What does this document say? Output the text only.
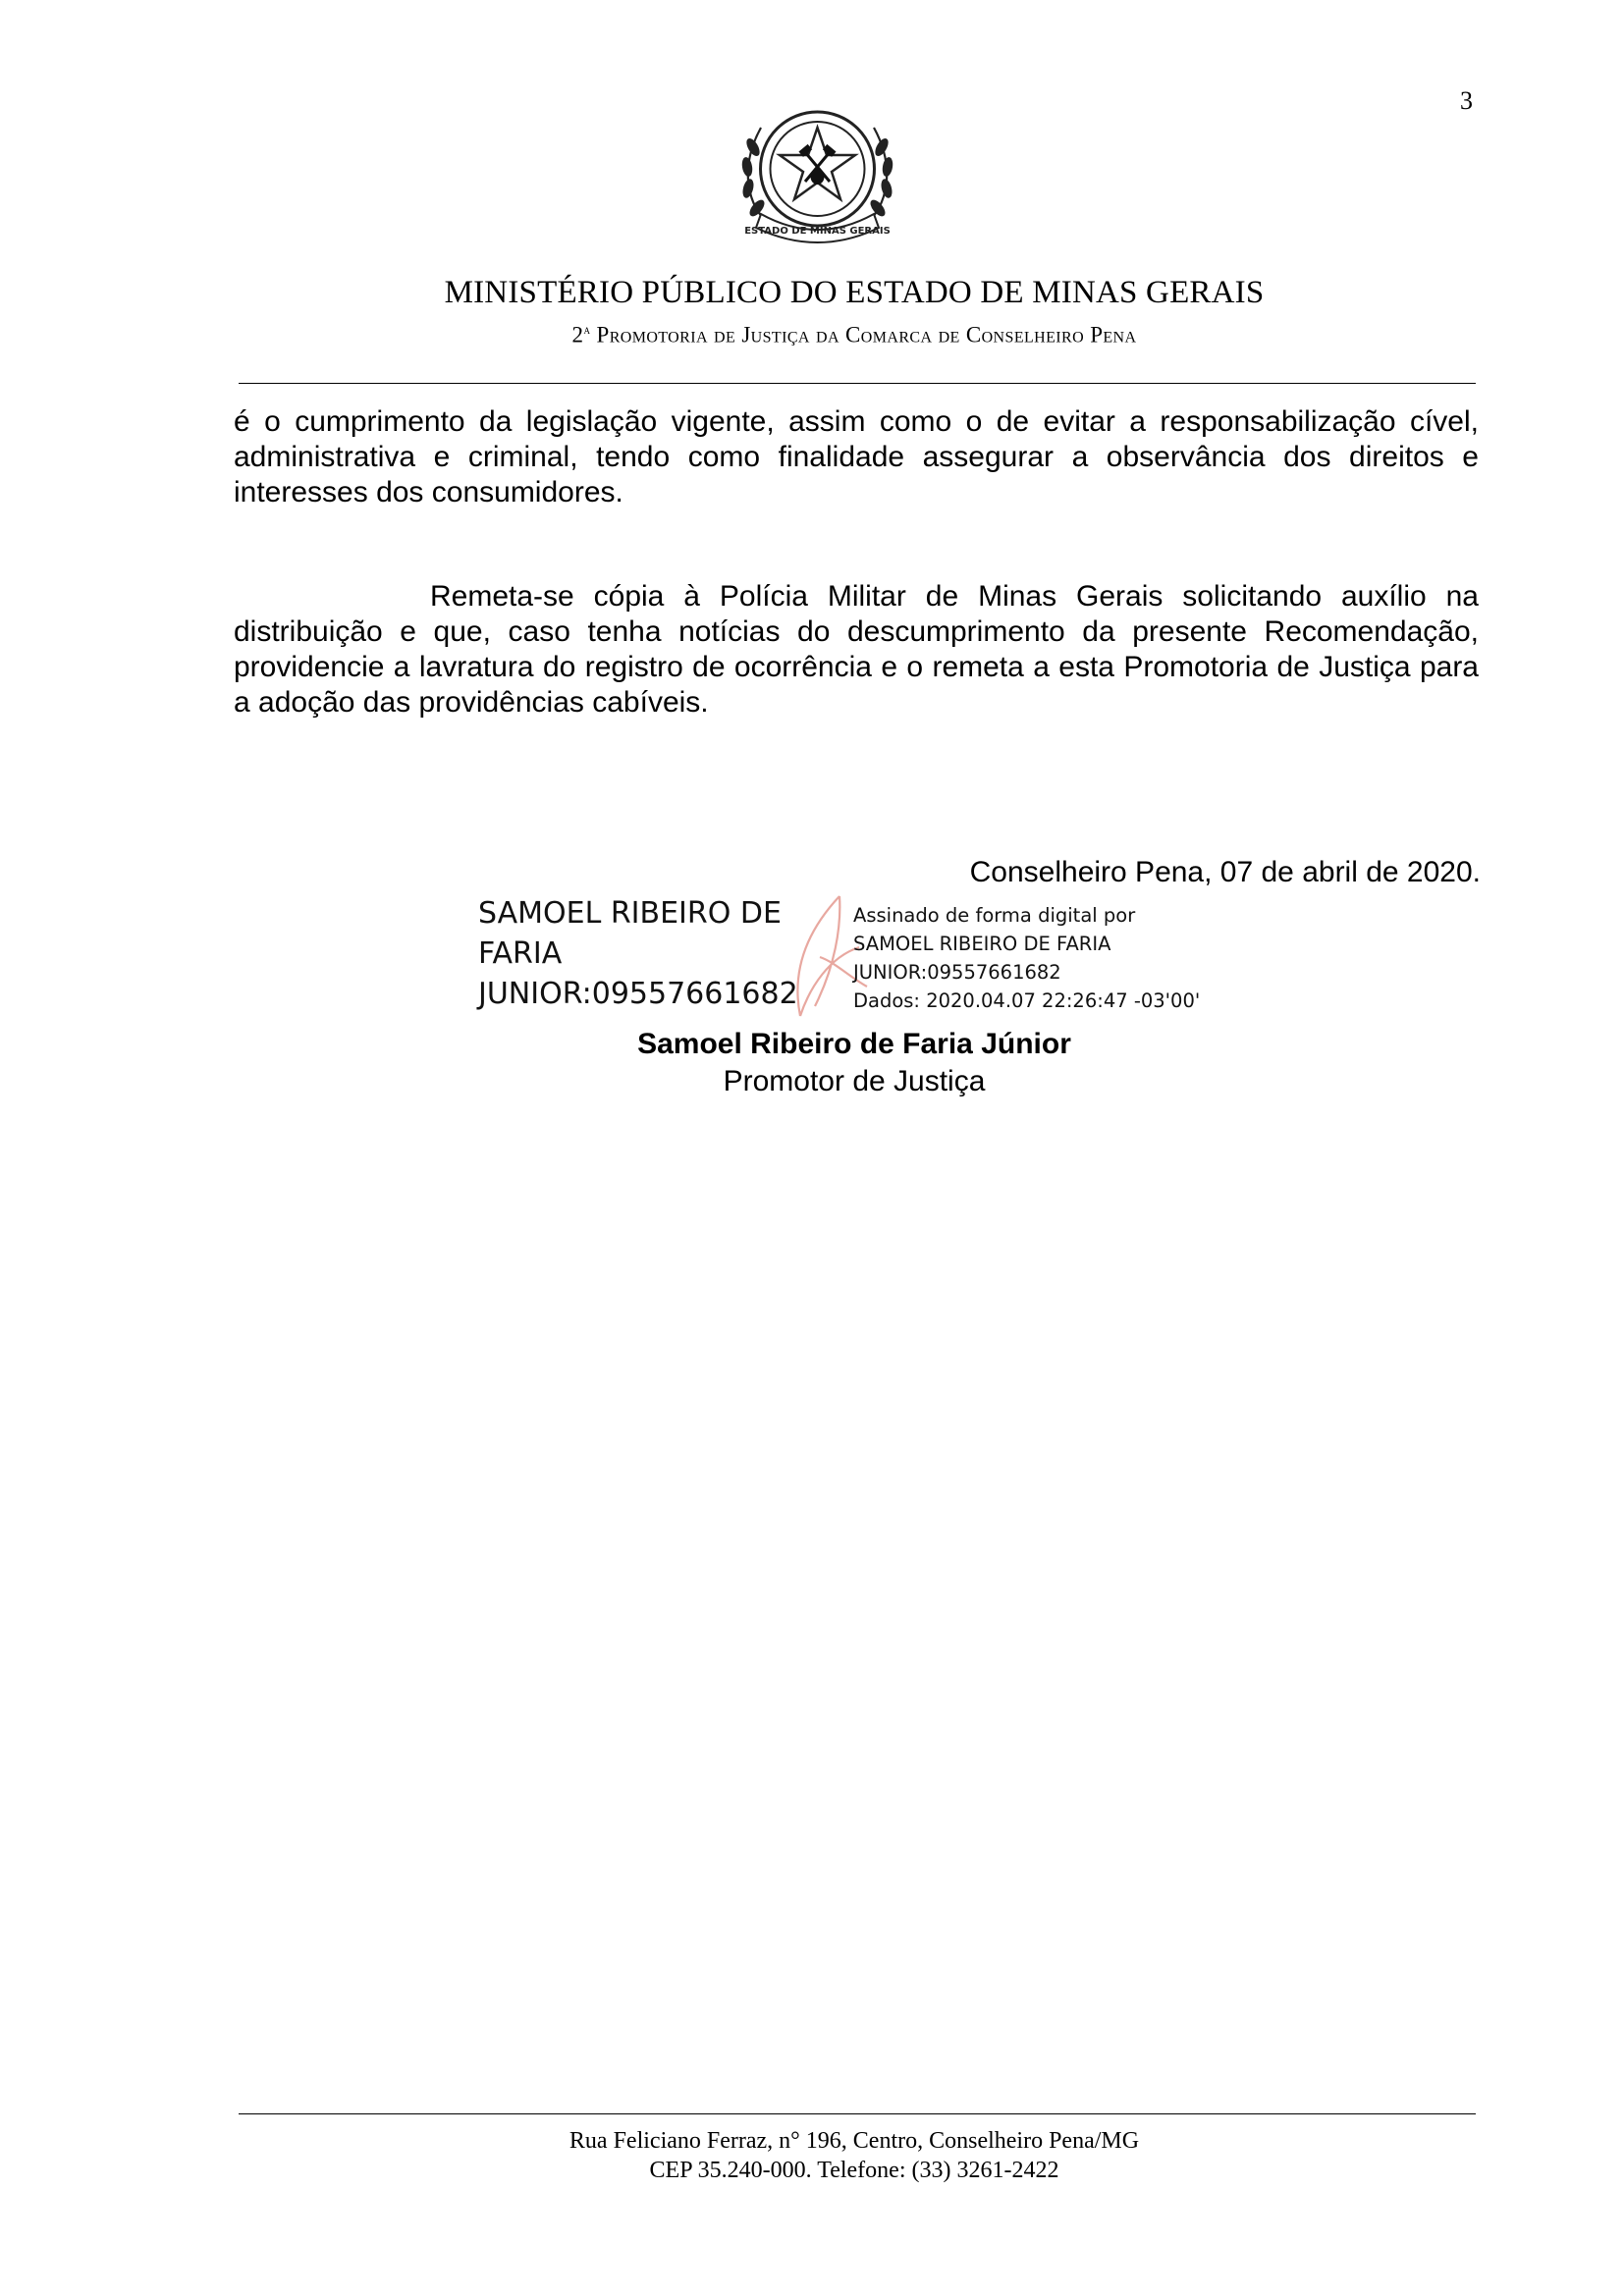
3
ESTADO DE MINAS GERAIS
MINISTÉRIO PÚBLICO DO ESTADO DE MINAS GERAIS
2$^a$ Promotoria de Justiça da Comarca de Conselheiro Pena

é o cumprimento da legislação vigente, assim como o de evitar a responsabilização cível, administrativa e criminal, tendo como finalidade assegurar a observância dos direitos e interesses dos consumidores.

Remeta-se cópia à Polícia Militar de Minas Gerais solicitando auxílio na distribuição e que, caso tenha notícias do descumprimento da presente Recomendação, providencie a lavratura do registro de ocorrência e o remeta a esta Promotoria de Justiça para a adoção das providências cabíveis.

Conselheiro Pena, 07 de abril de 2020.
SAMOEL RIBEIRO DE
FARIA
JUNIOR:09557661682
Assinado de forma digital por
SAMOEL RIBEIRO DE FARIA
JUNIOR:09557661682
Dados: 2020.04.07 22:26:47 -03'00'
Samoel Ribeiro de Faria Júnior
Promotor de Justiça
Rua Feliciano Ferraz, n° 196, Centro, Conselheiro Pena/MG
CEP 35.240-000. Telefone: (33) 3261-2422
